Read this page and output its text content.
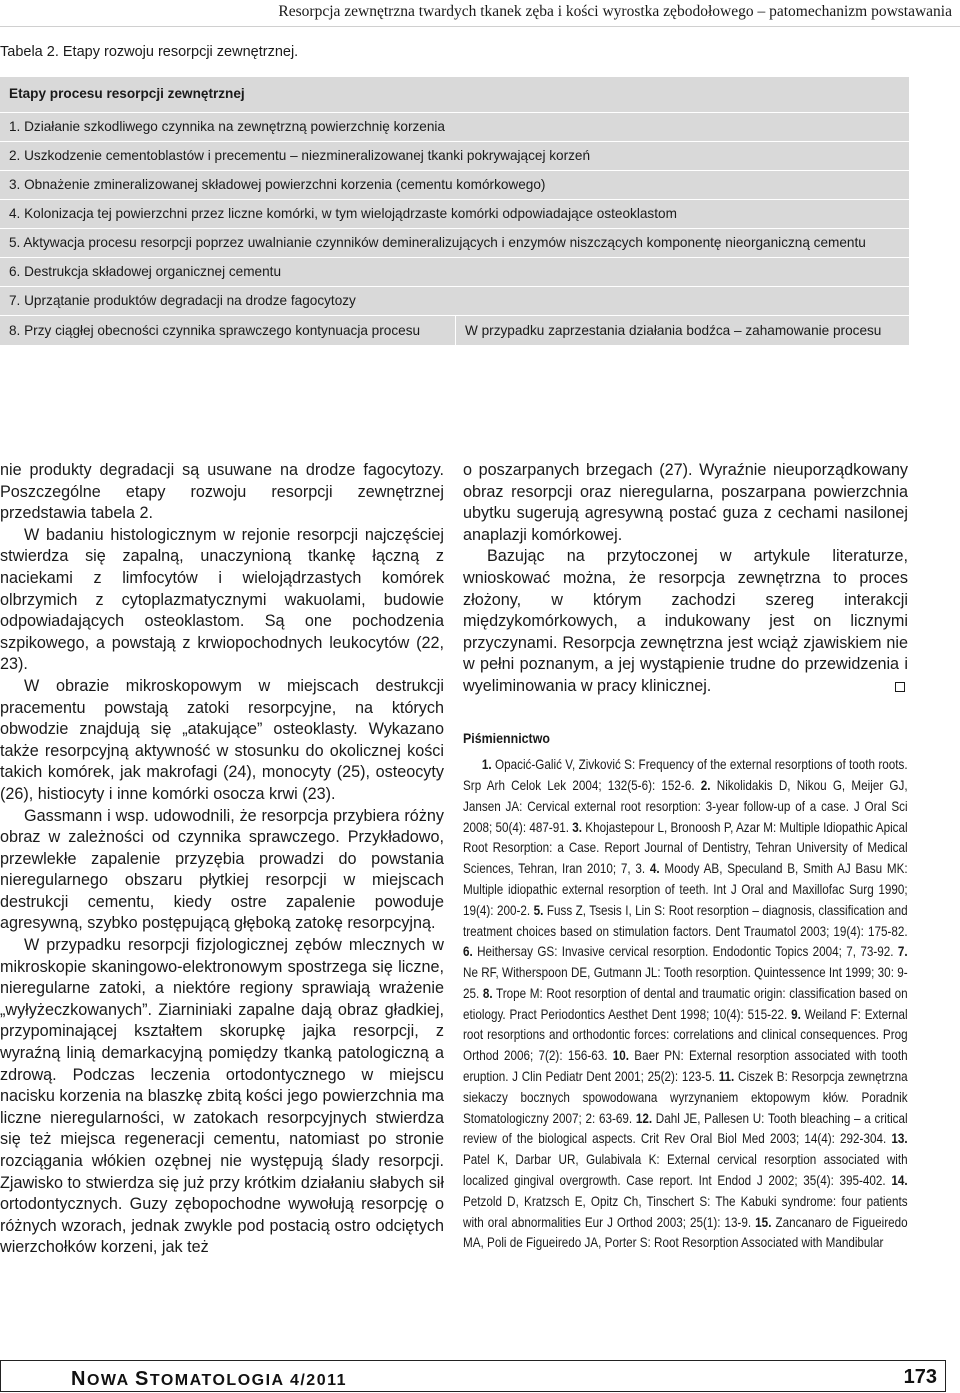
Resorpcja zewnętrzna twardych tkanek zęba i kości wyrostka zębodołowego – patomechanizm powstawania
Tabela 2. Etapy rozwoju resorpcji zewnętrznej.
Etapy procesu resorpcji zewnętrznej
1. Działanie szkodliwego czynnika na zewnętrzną powierzchnię korzenia
2. Uszkodzenie cementoblastów i precementu – niezmineralizowanej tkanki pokrywającej korzeń
3. Obnażenie zmineralizowanej składowej powierzchni korzenia (cementu komórkowego)
4. Kolonizacja tej powierzchni przez liczne komórki, w tym wielojądrzaste komórki odpowiadające osteoklastom
5. Aktywacja procesu resorpcji poprzez uwalnianie czynników demineralizujących i enzymów niszczących komponentę nieorganiczną cementu
6. Destrukcja składowej organicznej cementu
7. Uprzątanie produktów degradacji na drodze fagocytozy
8. Przy ciągłej obecności czynnika sprawczego kontynuacja procesu	W przypadku zaprzestania działania bodźca – zahamowanie procesu

nie produkty degradacji są usuwane na drodze fagocytozy. Poszczególne etapy rozwoju resorpcji zewnętrznej przedstawia tabela 2.

W badaniu histologicznym w rejonie resorpcji najczęściej stwierdza się zapalną, unaczynioną tkankę łączną z naciekami z limfocytów i wielojądrzastych komórek olbrzymich z cytoplazmatycznymi wakuolami, budowie odpowiadających osteoklastom. Są one pochodzenia szpikowego, a powstają z krwiopochodnych leukocytów (22, 23).

W obrazie mikroskopowym w miejscach destrukcji pracementu powstają zatoki resorpcyjne, na których obwodzie znajdują się „atakujące” osteoklasty. Wykazano także resorpcyjną aktywność w stosunku do okolicznej kości takich komórek, jak makrofagi (24), monocyty (25), osteocyty (26), histiocyty i inne komórki osocza krwi (23).

Gassmann i wsp. udowodnili, że resorpcja przybiera różny obraz w zależności od czynnika sprawczego. Przykładowo, przewlekłe zapalenie przyzębia prowadzi do powstania nieregularnego obszaru płytkiej resorpcji w miejscach destrukcji cementu, kiedy ostre zapalenie powoduje agresywną, szybko postępującą głęboką zatokę resorpcyjną.

W przypadku resorpcji fizjologicznej zębów mlecznych w mikroskopie skaningowo-elektronowym spostrzega się liczne, nieregularne zatoki, a niektóre regiony sprawiają wrażenie „wyłyżeczkowanych”. Ziarniniaki zapalne dają obraz gładkiej, przypominającej kształtem skorupkę jajka resorpcji, z wyraźną linią demarkacyjną pomiędzy tkanką patologiczną a zdrową. Podczas leczenia ortodontycznego w miejscu nacisku korzenia na blaszkę zbitą kości jego powierzchnia ma liczne nieregularności, w zatokach resorpcyjnych stwierdza się też miejsca regeneracji cementu, natomiast po stronie rozciągania włókien ozębnej nie występują ślady resorpcji. Zjawisko to stwierdza się już przy krótkim działaniu słabych sił ortodontycznych. Guzy zębopochodne wywołują resorpcję o różnych wzorach, jednak zwykle pod postacią ostro odciętych wierzchołków korzeni, jak też

o poszarpanych brzegach (27). Wyraźnie nieuporządkowany obraz resorpcji oraz nieregularna, poszarpana powierzchnia ubytku sugerują agresywną postać guza z cechami nasilonej anaplazji komórkowej.

Bazując na przytoczonej w artykule literaturze, wnioskować można, że resorpcja zewnętrzna to proces złożony, w którym zachodzi szereg interakcji międzykomórkowych, a indukowany jest on licznymi przyczynami. Resorpcja zewnętrzna jest wciąż zjawiskiem nie w pełni poznanym, a jej wystąpienie trudne do przewidzenia i wyeliminowania w pracy klinicznej.

Piśmiennictwo
1. Opacić-Galić V, Zivković S: Frequency of the external resorptions of tooth roots. Srp Arh Celok Lek 2004; 132(5-6): 152-6. 2. Nikolidakis D, Nikou G, Meijer GJ, Jansen JA: Cervical external root resorption: 3-year follow-up of a case. J Oral Sci 2008; 50(4): 487-91. 3. Khojastepour L, Bronoosh P, Azar M: Multiple Idiopathic Apical Root Resorption: a Case. Report Journal of Dentistry, Tehran University of Medical Sciences, Tehran, Iran 2010; 7, 3. 4. Moody AB, Speculand B, Smith AJ Basu MK: Multiple idiopathic external resorption of teeth. Int J Oral and Maxillofac Surg 1990; 19(4): 200-2. 5. Fuss Z, Tsesis I, Lin S: Root resorption – diagnosis, classification and treatment choices based on stimulation factors. Dent Traumatol 2003; 19(4): 175-82. 6. Heithersay GS: Invasive cervical resorption. Endodontic Topics 2004; 7, 73-92. 7. Ne RF, Witherspoon DE, Gutmann JL: Tooth resorption. Quintessence Int 1999; 30: 9-25. 8. Trope M: Root resorption of dental and traumatic origin: classification based on etiology. Pract Periodontics Aesthet Dent 1998; 10(4): 515-22. 9. Weiland F: External root resorptions and orthodontic forces: correlations and clinical consequences. Prog Orthod 2006; 7(2): 156-63. 10. Baer PN: External resorption associated with tooth eruption. J Clin Pediatr Dent 2001; 25(2): 123-5. 11. Ciszek B: Resorpcja zewnętrzna siekaczy bocznych spowodowana wyrzynaniem ektopowym kłów. Poradnik Stomatologiczny 2007; 2: 63-69. 12. Dahl JE, Pallesen U: Tooth bleaching – a critical review of the biological aspects. Crit Rev Oral Biol Med 2003; 14(4): 292-304. 13. Patel K, Darbar UR, Gulabivala K: External cervical resorption associated with localized gingival overgrowth. Case report. Int Endod J 2002; 35(4): 395-402. 14. Petzold D, Kratzsch E, Opitz Ch, Tinschert S: The Kabuki syndrome: four patients with oral abnormalities Eur J Orthod 2003; 25(1): 13-9. 15. Zancanaro de Figueiredo MA, Poli de Figueiredo JA, Porter S: Root Resorption Associated with Mandibular
NOWA STOMATOLOGIA 4/2011	173
